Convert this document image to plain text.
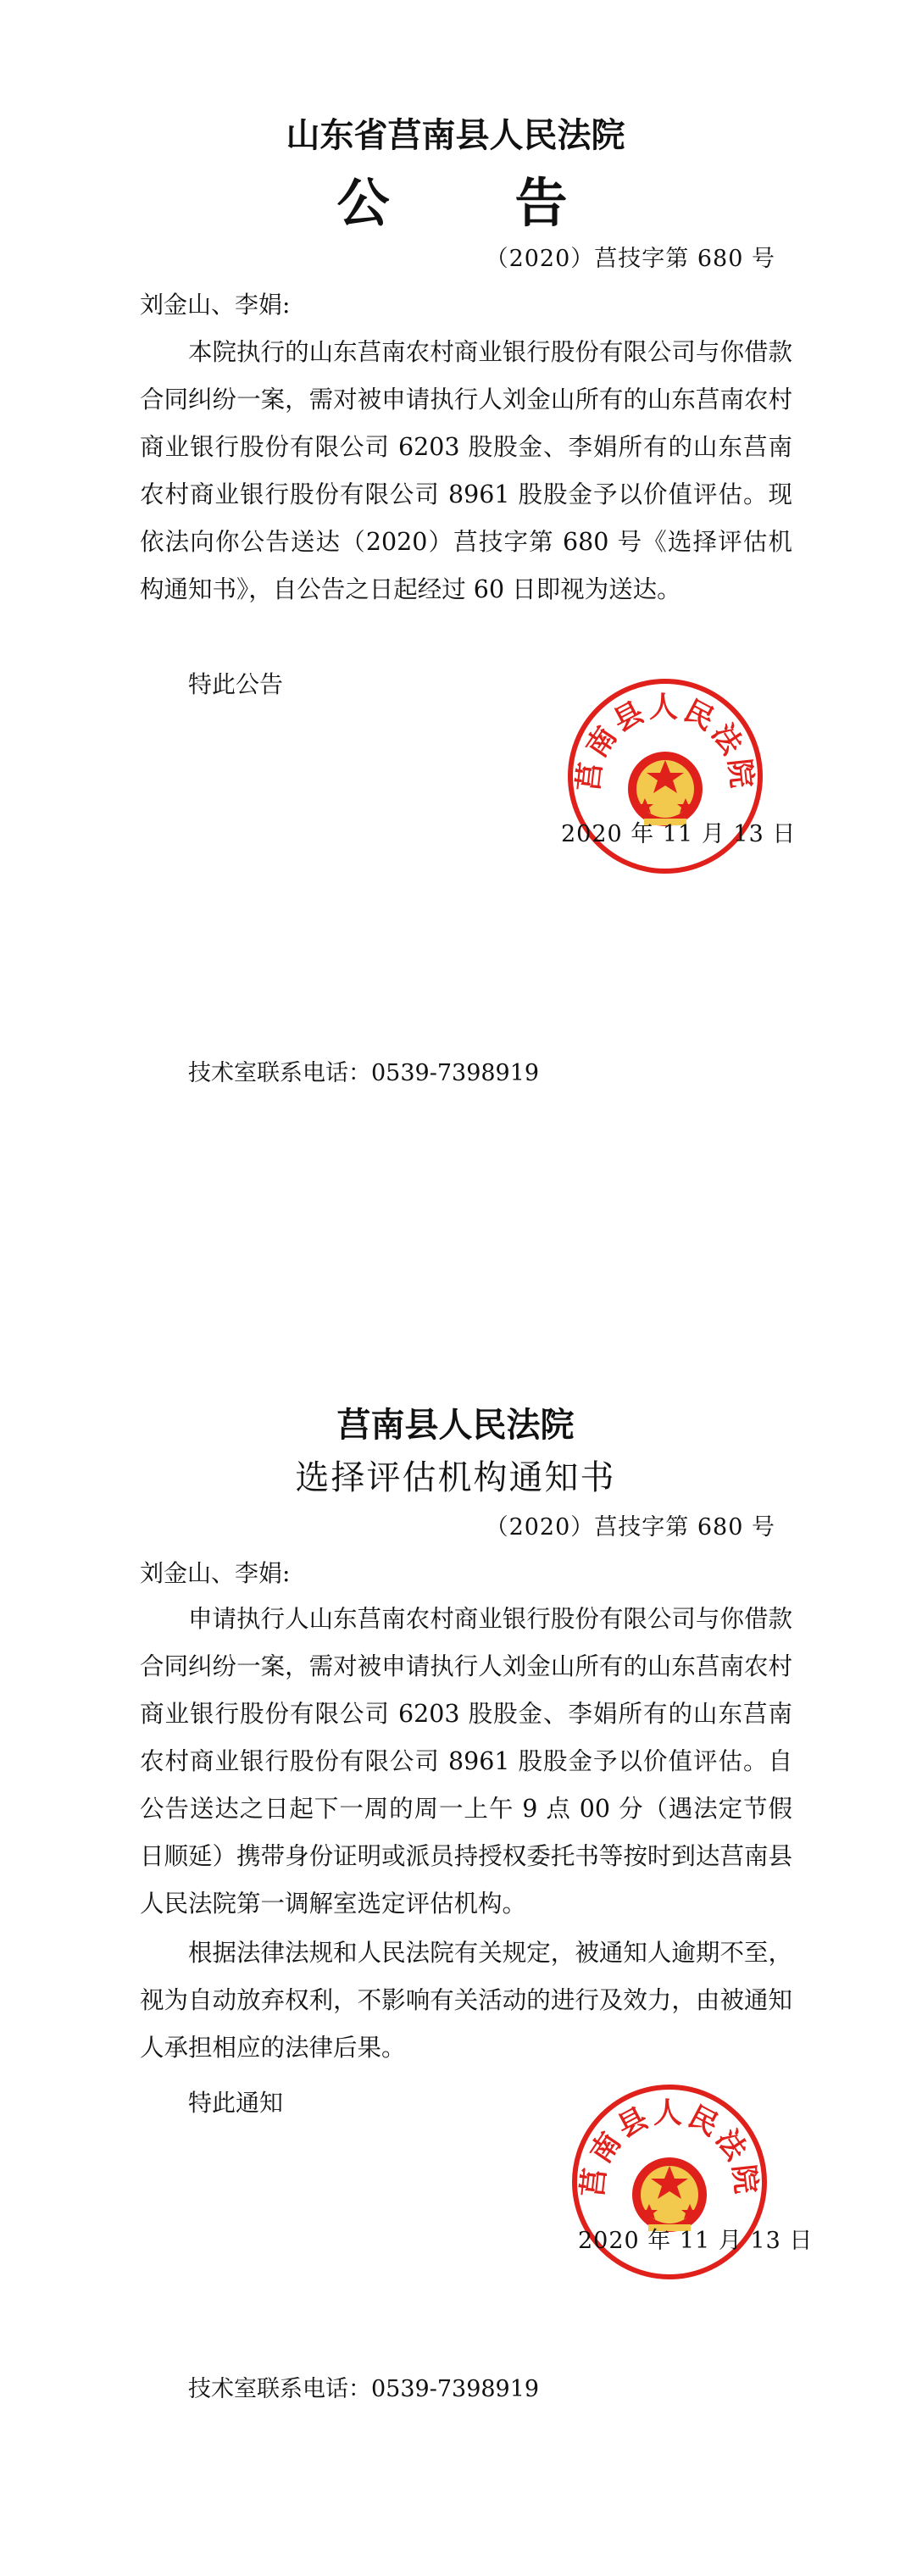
山东省莒南县人民法院
公　　告
（2020）莒技字第 680 号
刘金山、李娟:

本院执行的山东莒南农村商业银行股份有限公司与你借款合同纠纷一案，需对被申请执行人刘金山所有的山东莒南农村商业银行股份有限公司 6203 股股金、李娟所有的山东莒南农村商业银行股份有限公司 8961 股股金予以价值评估。现依法向你公告送达（2020）莒技字第 680 号《选择评估机构通知书》，自公告之日起经过 60 日即视为送达。

特此公告
莒南县人民法院
2020 年 11 月 13 日
技术室联系电话：0539-7398919
莒南县人民法院
选择评估机构通知书
（2020）莒技字第 680 号
刘金山、李娟:

申请执行人山东莒南农村商业银行股份有限公司与你借款合同纠纷一案，需对被申请执行人刘金山所有的山东莒南农村商业银行股份有限公司 6203 股股金、李娟所有的山东莒南农村商业银行股份有限公司 8961 股股金予以价值评估。自公告送达之日起下一周的周一上午 9 点 00 分（遇法定节假日顺延）携带身份证明或派员持授权委托书等按时到达莒南县人民法院第一调解室选定评估机构。

根据法律法规和人民法院有关规定，被通知人逾期不至，视为自动放弃权利，不影响有关活动的进行及效力，由被通知人承担相应的法律后果。

特此通知
莒南县人民法院
2020 年 11 月 13 日
技术室联系电话：0539-7398919
